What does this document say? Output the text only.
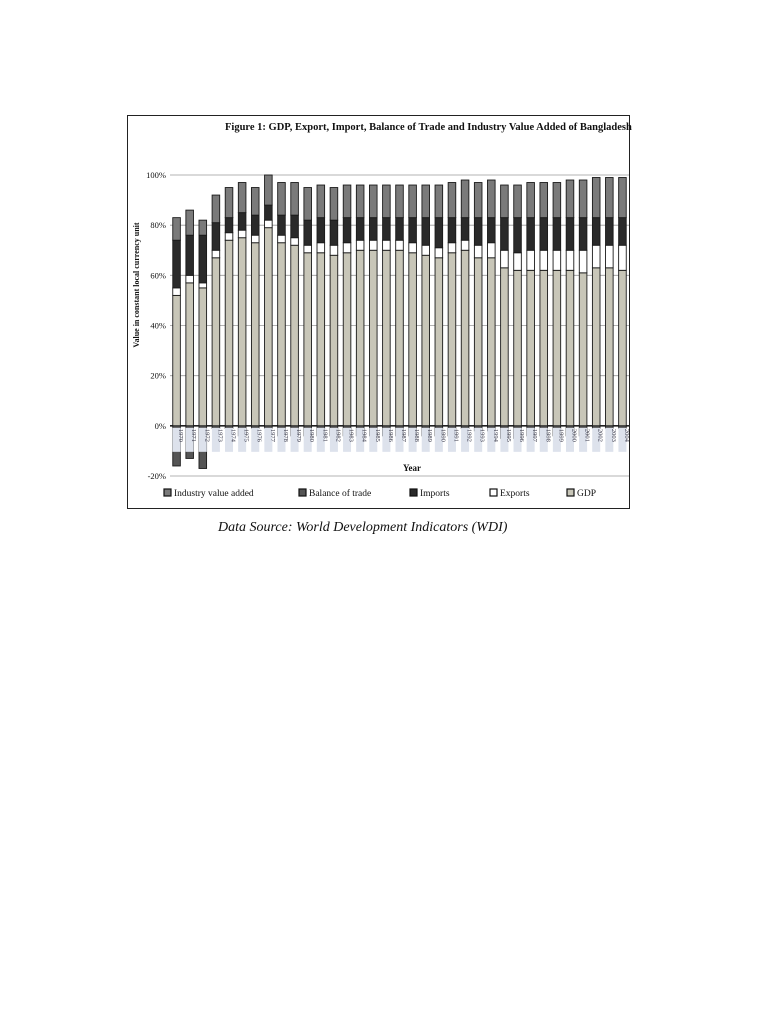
Figure 1: GDP, Export, Import, Balance of Trade and Industry Value Added of Bangladesh
-20%
0%
20%
40%
60%
80%
100%
1970 1971 1972 1973 1974 1975 1976 1977 1978 1979 1980 1981 1982 1983 1984 1985 1986 1987 1988 1989 1990 1991 1992 1993 1994 1995 1996 1997 1998 1999 2000 2001 2002 2003 2004
Value in constant local currency unit
Year
Industry value added	Balance of trade	Imports	Exports	GDP
Data Source: World Development Indicators (WDI)
